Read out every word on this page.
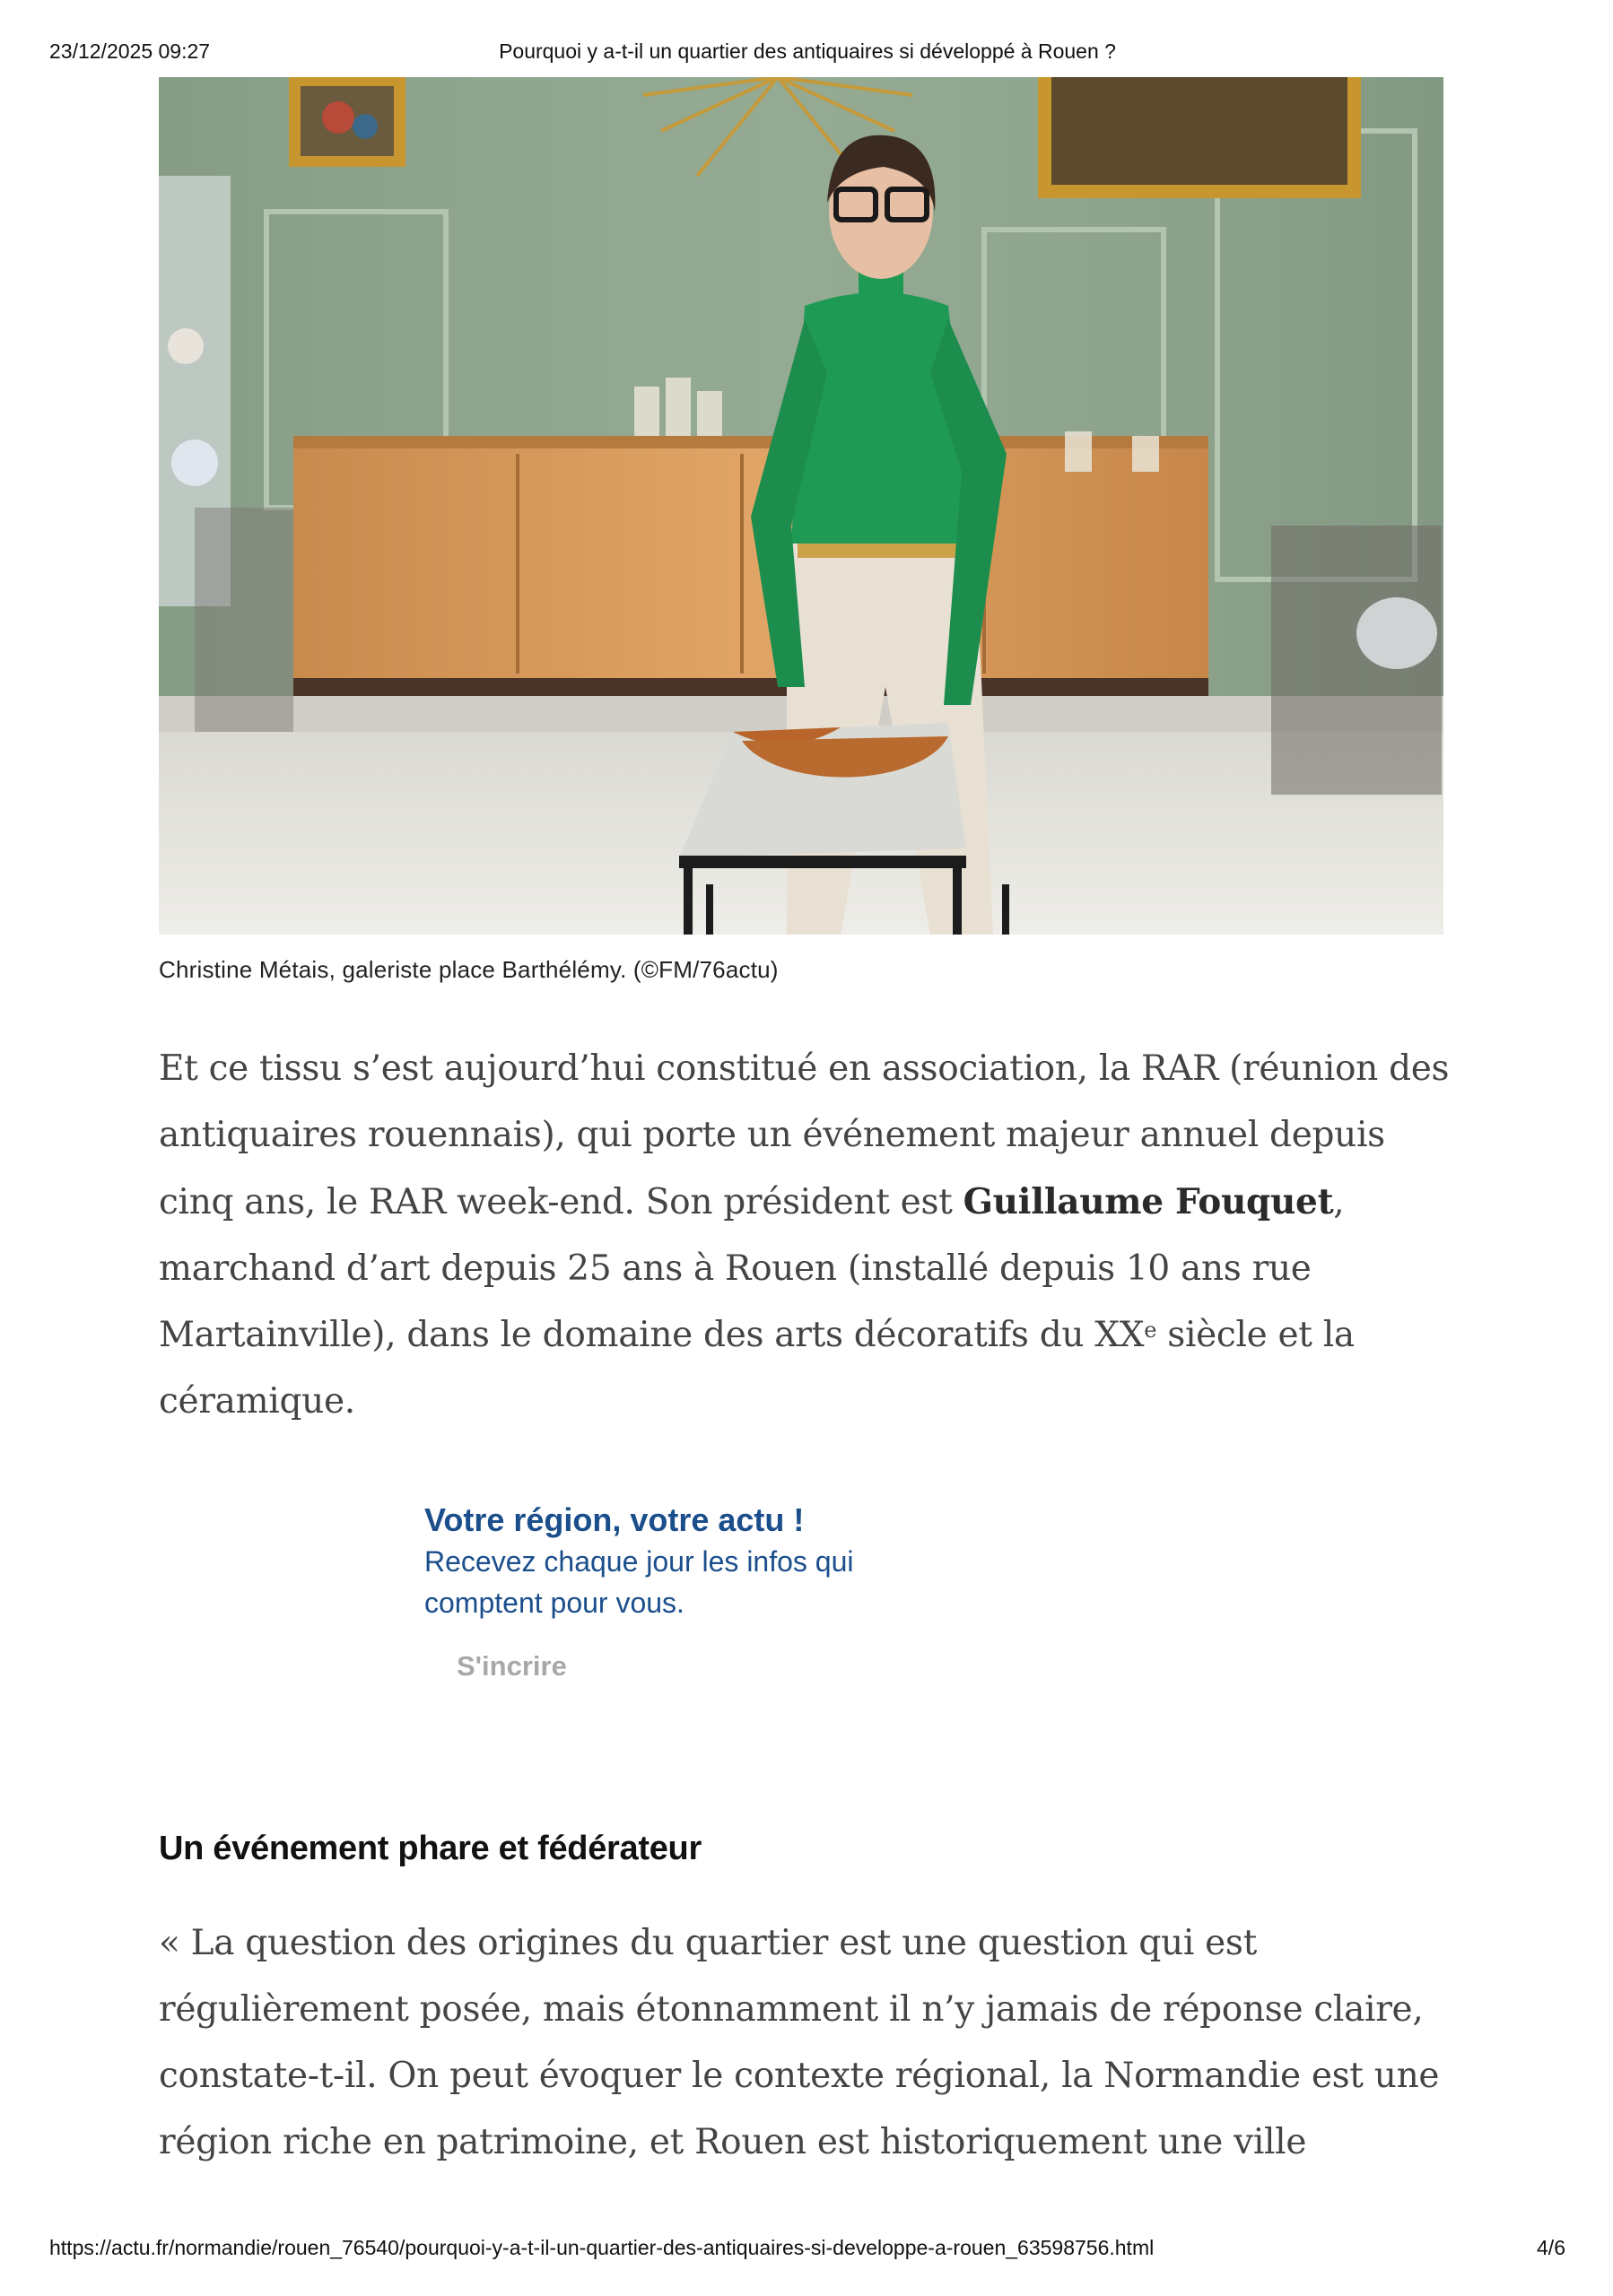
23/12/2025 09:27	Pourquoi y a-t-il un quartier des antiquaires si développé à Rouen ?
Christine Métais, galeriste place Barthélémy. (©FM/76actu)

Et ce tissu s’est aujourd’hui constitué en association, la RAR (réunion des antiquaires rouennais), qui porte un événement majeur annuel depuis cinq ans, le RAR week-end. Son président est Guillaume Fouquet, marchand d’art depuis 25 ans à Rouen (installé depuis 10 ans rue Martainville), dans le domaine des arts décoratifs du XXe siècle et la céramique.

Votre région, votre actu !
Recevez chaque jour les infos qui comptent pour vous.
S'incrire
Un événement phare et fédérateur

« La question des origines du quartier est une question qui est régulièrement posée, mais étonnamment il n’y jamais de réponse claire, constate-t-il. On peut évoquer le contexte régional, la Normandie est une région riche en patrimoine, et Rouen est historiquement une ville

https://actu.fr/normandie/rouen_76540/pourquoi-y-a-t-il-un-quartier-des-antiquaires-si-developpe-a-rouen_63598756.html	4/6
